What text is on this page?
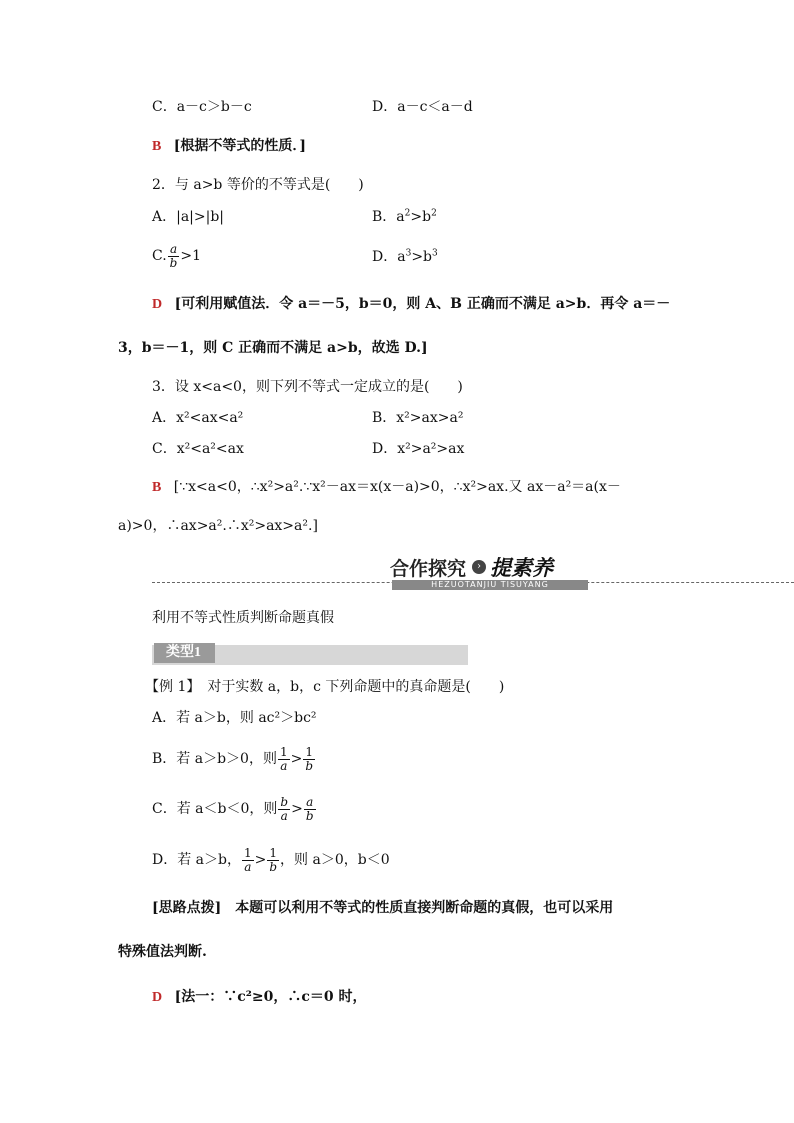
C．a－c＞b－c	D．a－c＜a－d
B [根据不等式的性质．]
2．与 a>b 等价的不等式是(　　)
A．|a|>|b|	B．$a^2>b^2$
C. $\frac{a}{b} >1$	D．$a^3>b^3$
D [可利用赋值法．令 a＝－5，b＝0，则 A、B 正确而不满足 a>b．再令 a＝－
3，b＝－1，则 C 正确而不满足 a>b，故选 D.]
3．设 x<a<0，则下列不等式一定成立的是(　　)
A．x²<ax<a²	B．x²>ax>a²
C．x²<a²<ax	D．x²>a²>ax
B [∵x<a<0，∴x²>a².∵x²－ax＝x(x－a)>0，∴x²>ax.又 ax－a²＝a(x－
a)>0，∴ax>a².∴x²>ax>a².]
合作探究	› 提素养
HEZUOTANJIU TISUYANG
利用不等式性质判断命题真假
类型1
【例 1】　对于实数 a，b，c 下列命题中的真命题是(　　)
A．若 a＞b，则 ac²＞bc²
B．若 a＞b＞0，则 $\frac{1}{a} > \frac{1}{b}$
C．若 a＜b＜0，则 $\frac{b}{a} > \frac{a}{b}$
D．若 a＞b， $\frac{1}{a} > \frac{1}{b}$ ，则 a＞0，b＜0
[思路点拨]　本题可以利用不等式的性质直接判断命题的真假，也可以采用
特殊值法判断.
D [法一：∵c²≥0，∴c＝0 时，
